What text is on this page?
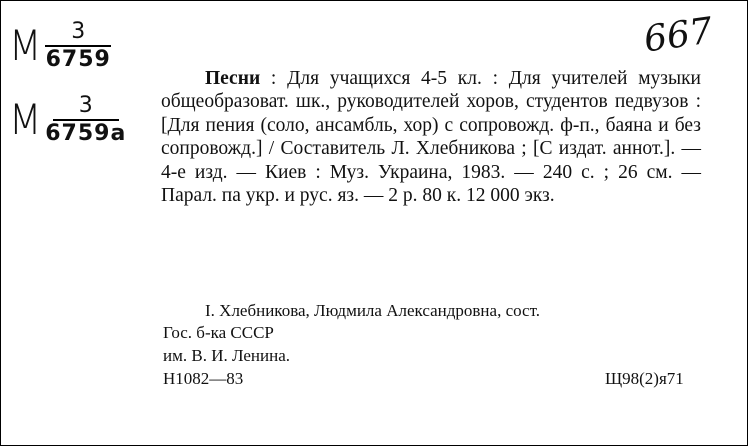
М $\frac{3}{6759}$
М $\frac{3}{6759а}$
667

Песни : Для учащихся 4-5 кл. : Для учителей музыки общеобразоват. шк., руководителей хоров, студентов педвузов : [Для пения (соло, ансамбль, хор) с сопровожд. ф-п., баяна и без сопровожд.] / Составитель Л. Хлебникова ; [С издат. аннот.]. — 4-е изд. — Киев : Муз. Украина, 1983. — 240 с. ; 26 см. — Парал. па укр. и рус. яз. — 2 р. 80 к. 12 000 экз.

I. Хлебникова, Людмила Александровна, сост.
Гос. б-ка СССР
им. В. И. Ленина.
Н1082—83	Щ98(2)я71
